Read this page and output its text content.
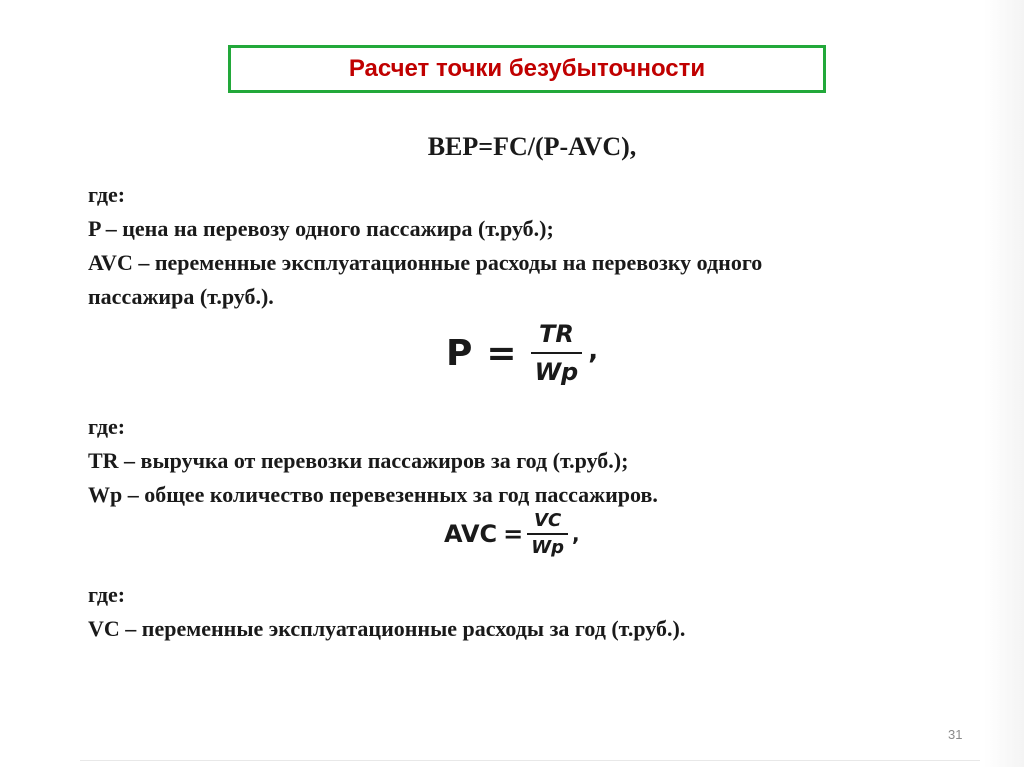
Расчет точки безубыточности
BEP=FC/(P-AVC),
где:
P – цена на перевозу одного пассажира (т.руб.);
AVC – переменные эксплуатационные расходы на перевозку одного
пассажира (т.руб.).
$P = \frac{TR}{Wp}$ ,
где:
TR – выручка от перевозки пассажиров за год (т.руб.);
Wp – общее количество перевезенных за год пассажиров.
AVC = $\frac{VC}{Wp}$ ,
где:
VC – переменные эксплуатационные расходы за год (т.руб.).
31
